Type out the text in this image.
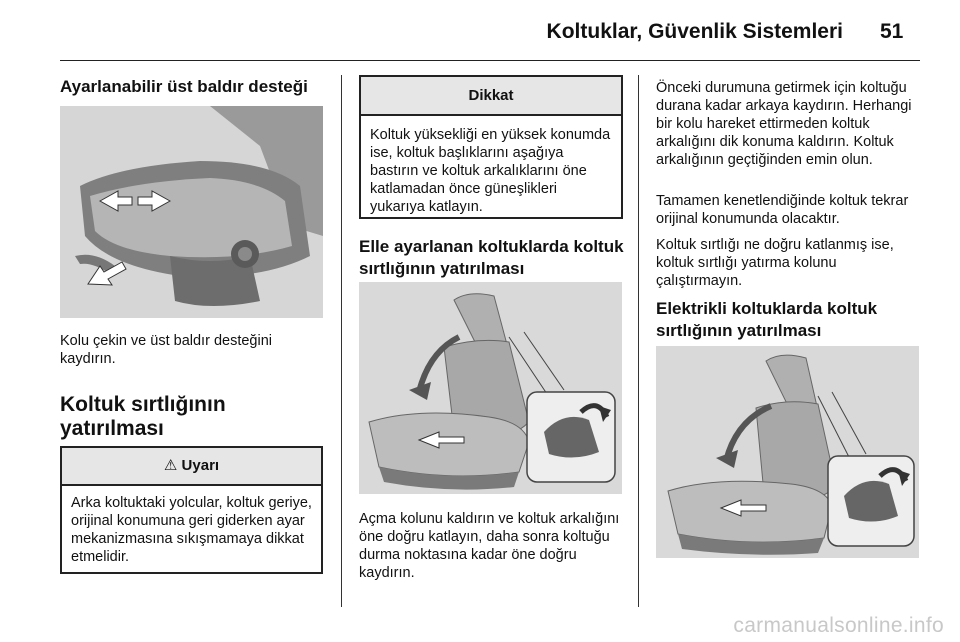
Koltuklar, Güvenlik Sistemleri 51
Ayarlanabilir üst baldır desteği

Kolu çekin ve üst baldır desteğini kaydırın.

Koltuk sırtlığının yatırılması
⚠ Uyarı
Arka koltuktaki yolcular, koltuk geriye, orijinal konumuna geri giderken ayar mekanizmasına sıkışmamaya dikkat etmelidir.
Dikkat
Koltuk yüksekliği en yüksek konumda ise, koltuk başlıklarını aşağıya bastırın ve koltuk arkalıklarını öne katlamadan önce güneşlikleri yukarıya katlayın.
Elle ayarlanan koltuklarda koltuk sırtlığının yatırılması

Açma kolunu kaldırın ve koltuk arkalığını öne doğru katlayın, daha sonra koltuğu durma noktasına kadar öne doğru kaydırın.

Önceki durumuna getirmek için koltuğu durana kadar arkaya kaydırın. Herhangi bir kolu hareket ettirmeden koltuk arkalığını dik konuma kaldırın. Koltuk arkalığının geçtiğinden emin olun.

Tamamen kenetlendiğinde koltuk tekrar orijinal konumunda olacaktır.

Koltuk sırtlığı ne doğru katlanmış ise, koltuk sırtlığı yatırma kolunu çalıştırmayın.

Elektrikli koltuklarda koltuk sırtlığının yatırılması
carmanualsonline.info
